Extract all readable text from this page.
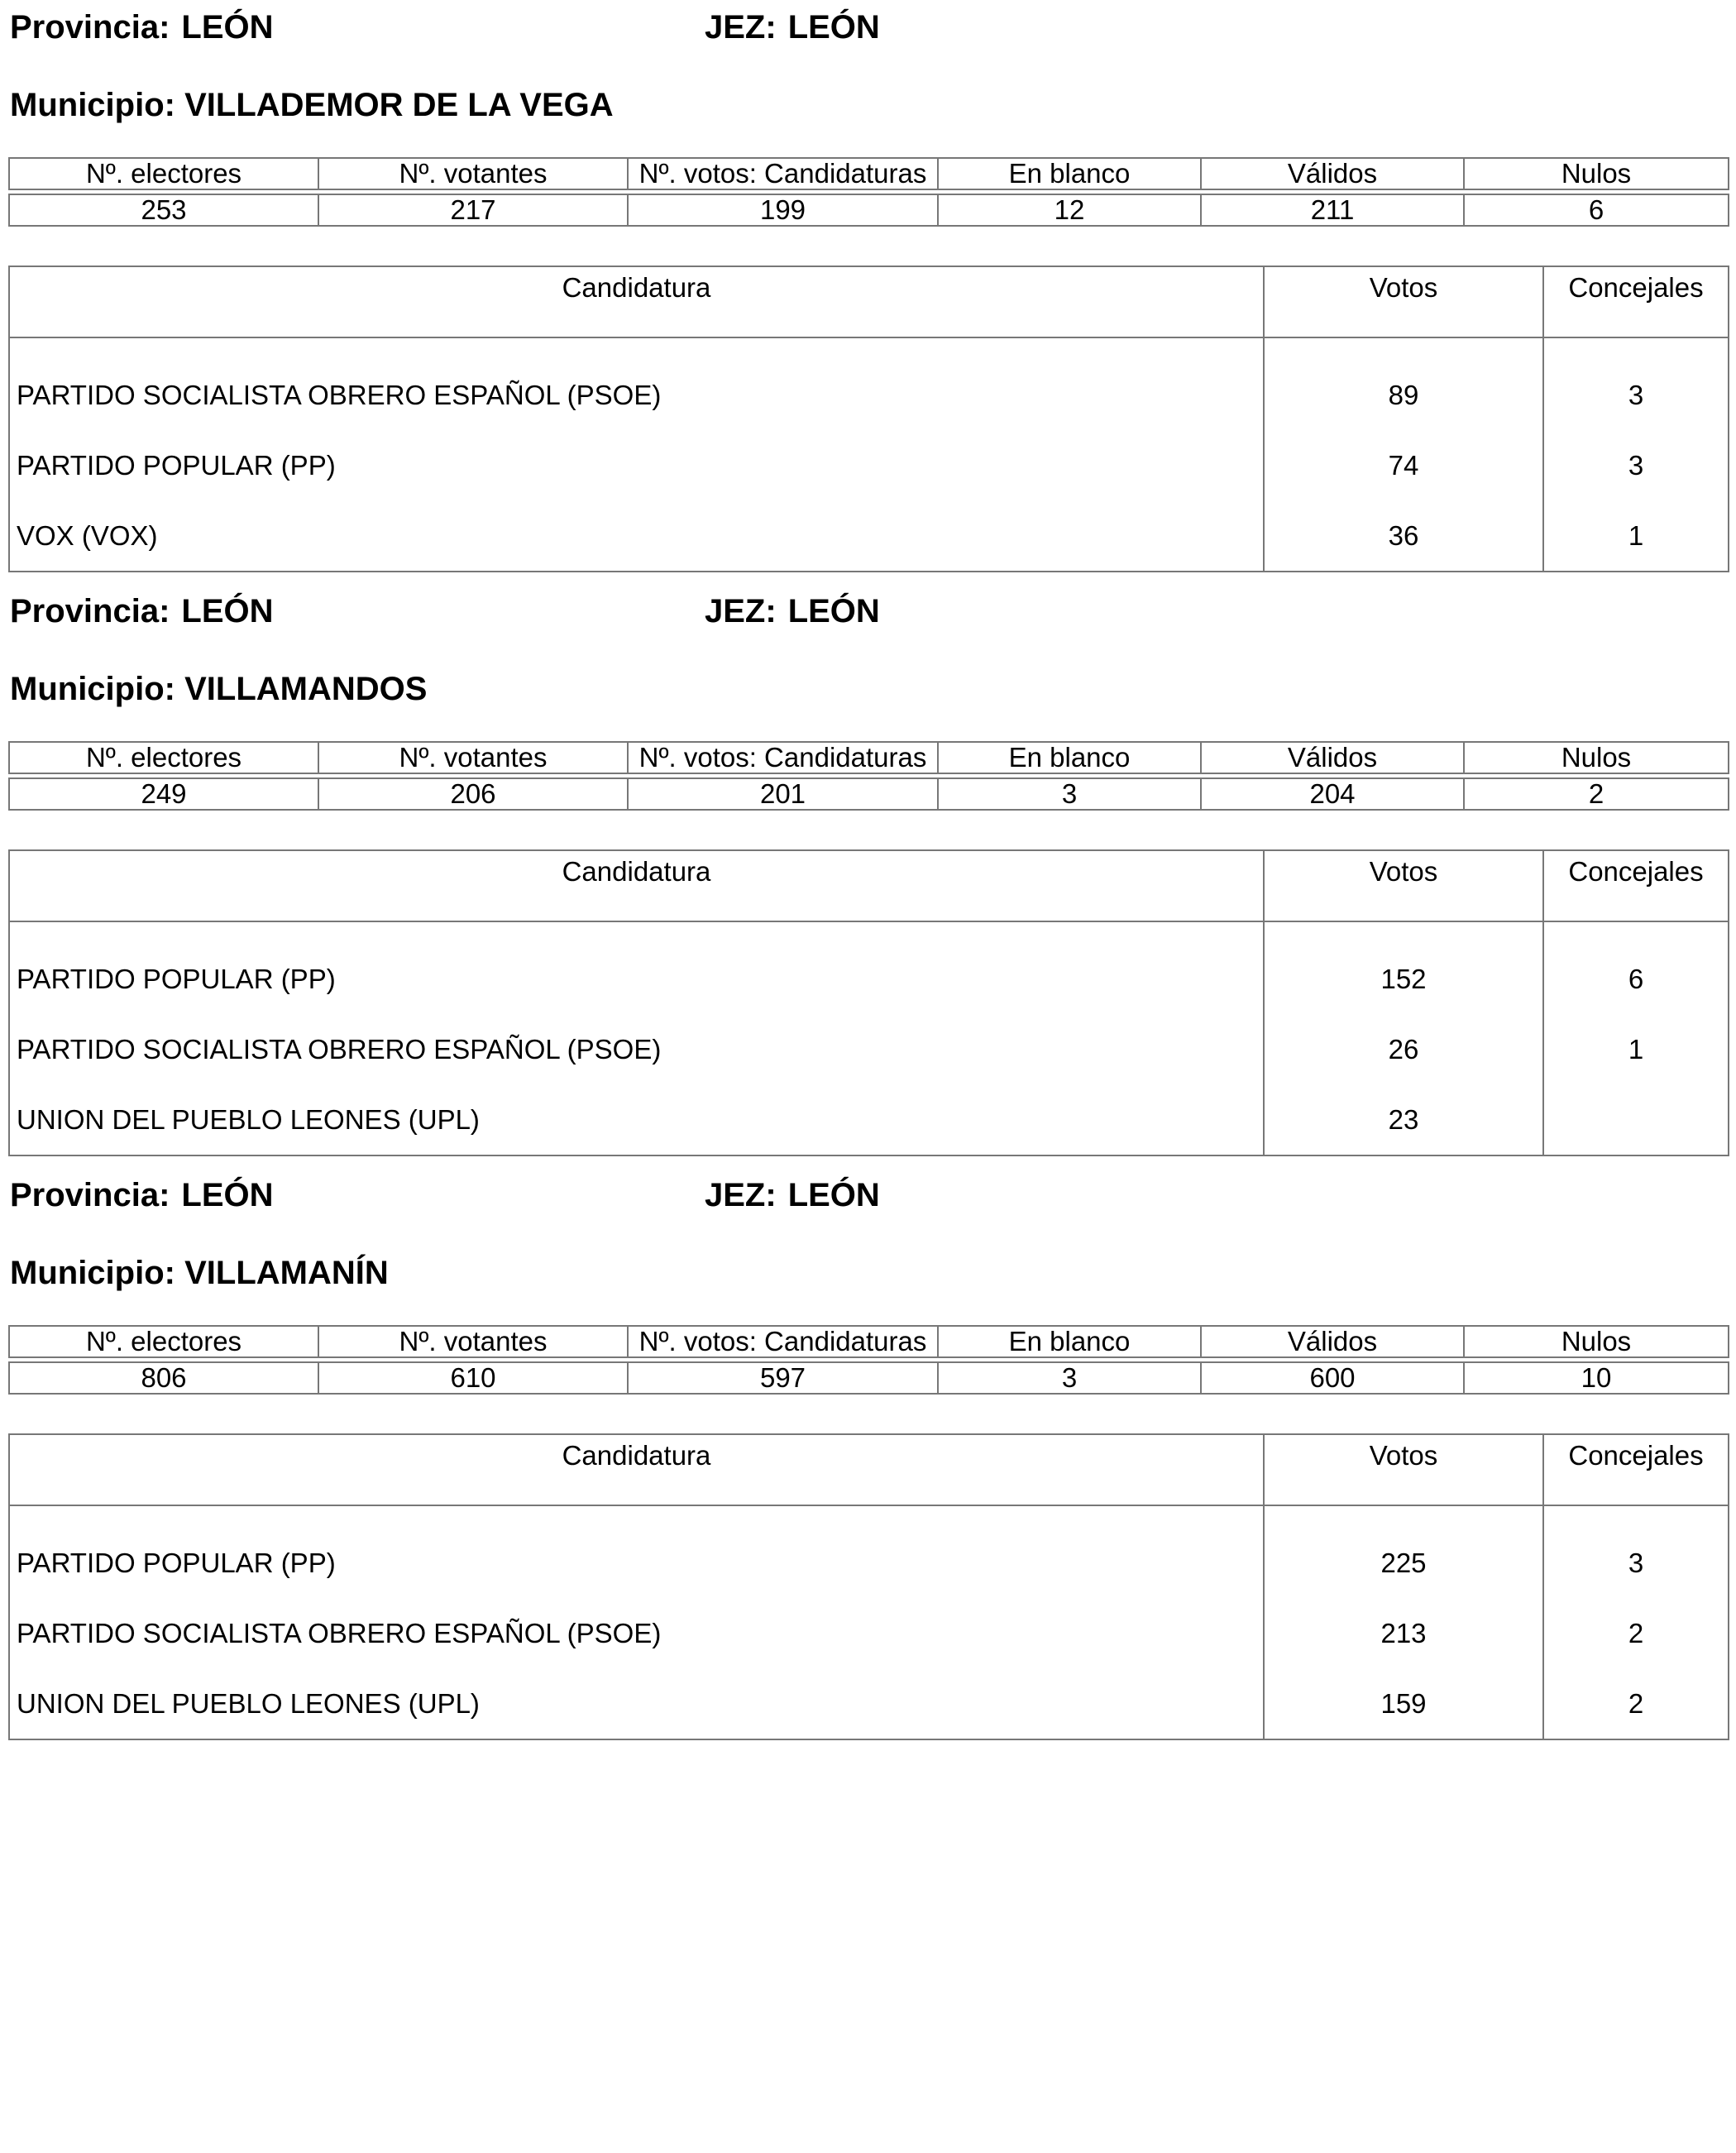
Provincia: LEÓN	JEZ: LEÓN
Municipio: VILLADEMOR DE LA VEGA
Nº. electores	Nº. votantes	Nº. votos: Candidaturas	En blanco	Válidos	Nulos

253	217	199	12	211	6
Candidatura	Votos	Concejales

PARTIDO SOCIALISTA OBRERO ESPAÑOL (PSOE)	89	3
PARTIDO POPULAR (PP)	74	3
VOX (VOX)	36	1
Provincia: LEÓN	JEZ: LEÓN
Municipio: VILLAMANDOS
Nº. electores	Nº. votantes	Nº. votos: Candidaturas	En blanco	Válidos	Nulos

249	206	201	3	204	2
Candidatura	Votos	Concejales

PARTIDO POPULAR (PP)	152	6
PARTIDO SOCIALISTA OBRERO ESPAÑOL (PSOE)	26	1
UNION DEL PUEBLO LEONES (UPL)	23	
Provincia: LEÓN	JEZ: LEÓN
Municipio: VILLAMANÍN
Nº. electores	Nº. votantes	Nº. votos: Candidaturas	En blanco	Válidos	Nulos

806	610	597	3	600	10
Candidatura	Votos	Concejales

PARTIDO POPULAR (PP)	225	3
PARTIDO SOCIALISTA OBRERO ESPAÑOL (PSOE)	213	2
UNION DEL PUEBLO LEONES (UPL)	159	2
